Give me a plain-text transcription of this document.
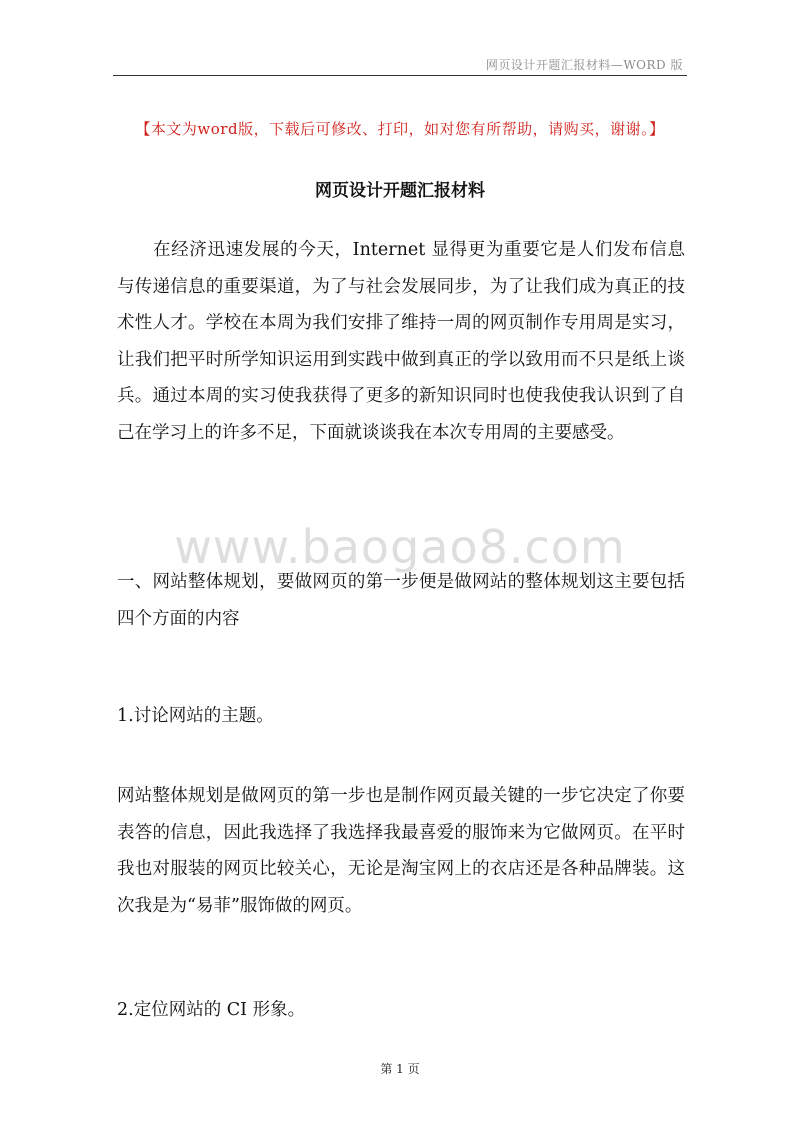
网页设计开题汇报材料—WORD 版
【本文为word版，下载后可修改、打印，如对您有所帮助，请购买，谢谢。】
网页设计开题汇报材料

在经济迅速发展的今天，Internet 显得更为重要它是人们发布信息与传递信息的重要渠道，为了与社会发展同步，为了让我们成为真正的技术性人才。学校在本周为我们安排了维持一周的网页制作专用周是实习，让我们把平时所学知识运用到实践中做到真正的学以致用而不只是纸上谈兵。通过本周的实习使我获得了更多的新知识同时也使我使我认识到了自己在学习上的许多不足，下面就谈谈我在本次专用周的主要感受。

www.baogao8.com

一、网站整体规划，要做网页的第一步便是做网站的整体规划这主要包括四个方面的内容

1.讨论网站的主题。

网站整体规划是做网页的第一步也是制作网页最关键的一步它决定了你要表答的信息，因此我选择了我选择我最喜爱的服饰来为它做网页。在平时我也对服装的网页比较关心，无论是淘宝网上的衣店还是各种品牌装。这次我是为“易菲”服饰做的网页。

2.定位网站的 CI 形象。

第 1 页
